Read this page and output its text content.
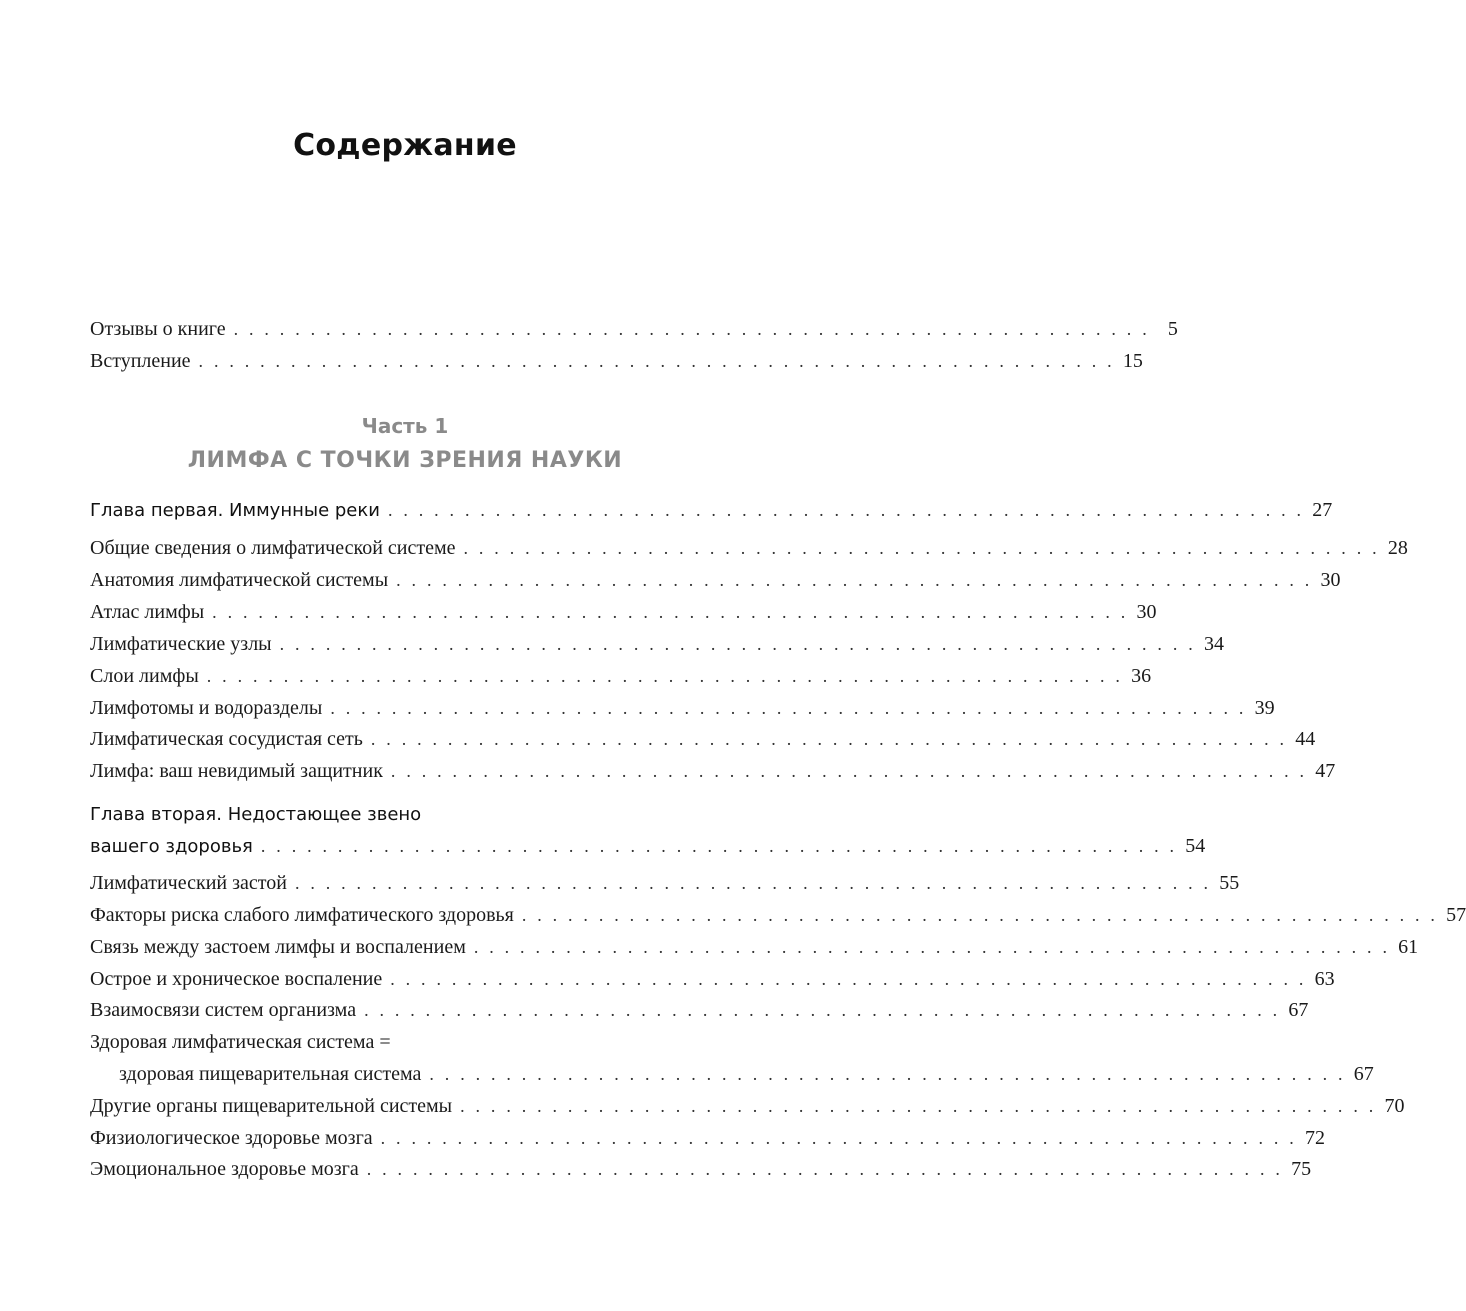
Содержание
Отзывы о книге . . . . . . . . . . . . . . . . . . . . . . . . . . . . . . . . . . . . . . . . . . . . . . . . . . . . . . . . . . . . 5
Вступление . . . . . . . . . . . . . . . . . . . . . . . . . . . . . . . . . . . . . . . . . . . . . . . . . . . . . . . . . . . . 15
Часть 1
ЛИМФА С ТОЧКИ ЗРЕНИЯ НАУКИ
Глава первая. Иммунные реки . . . . . . . . . . . . . . . . . . . . . . . . . . . . . . . . . . . . . . . . . . . . . . . . . . . . . . . . . . . . 27
Общие сведения о лимфатической системе . . . . . . . . . . . . . . . . . . . . . . . . . . . . . . . . . . . . . . . . . . . . . . . . . . . . . . . . . . . . 28
Анатомия лимфатической системы . . . . . . . . . . . . . . . . . . . . . . . . . . . . . . . . . . . . . . . . . . . . . . . . . . . . . . . . . . . . 30
Атлас лимфы . . . . . . . . . . . . . . . . . . . . . . . . . . . . . . . . . . . . . . . . . . . . . . . . . . . . . . . . . . . . 30
Лимфатические узлы . . . . . . . . . . . . . . . . . . . . . . . . . . . . . . . . . . . . . . . . . . . . . . . . . . . . . . . . . . . . 34
Слои лимфы . . . . . . . . . . . . . . . . . . . . . . . . . . . . . . . . . . . . . . . . . . . . . . . . . . . . . . . . . . . . 36
Лимфотомы и водоразделы . . . . . . . . . . . . . . . . . . . . . . . . . . . . . . . . . . . . . . . . . . . . . . . . . . . . . . . . . . . . 39
Лимфатическая сосудистая сеть . . . . . . . . . . . . . . . . . . . . . . . . . . . . . . . . . . . . . . . . . . . . . . . . . . . . . . . . . . . . 44
Лимфа: ваш невидимый защитник . . . . . . . . . . . . . . . . . . . . . . . . . . . . . . . . . . . . . . . . . . . . . . . . . . . . . . . . . . . . 47
Глава вторая. Недостающее звено
вашего здоровья . . . . . . . . . . . . . . . . . . . . . . . . . . . . . . . . . . . . . . . . . . . . . . . . . . . . . . . . . . . . 54
Лимфатический застой . . . . . . . . . . . . . . . . . . . . . . . . . . . . . . . . . . . . . . . . . . . . . . . . . . . . . . . . . . . . 55
Факторы риска слабого лимфатического здоровья . . . . . . . . . . . . . . . . . . . . . . . . . . . . . . . . . . . . . . . . . . . . . . . . . . . . . . . . . . . . 57
Связь между застоем лимфы и воспалением . . . . . . . . . . . . . . . . . . . . . . . . . . . . . . . . . . . . . . . . . . . . . . . . . . . . . . . . . . . . 61
Острое и хроническое воспаление . . . . . . . . . . . . . . . . . . . . . . . . . . . . . . . . . . . . . . . . . . . . . . . . . . . . . . . . . . . . 63
Взаимосвязи систем организма . . . . . . . . . . . . . . . . . . . . . . . . . . . . . . . . . . . . . . . . . . . . . . . . . . . . . . . . . . . . 67
Здоровая лимфатическая система =
здоровая пищеварительная система . . . . . . . . . . . . . . . . . . . . . . . . . . . . . . . . . . . . . . . . . . . . . . . . . . . . . . . . . . . . 67
Другие органы пищеварительной системы . . . . . . . . . . . . . . . . . . . . . . . . . . . . . . . . . . . . . . . . . . . . . . . . . . . . . . . . . . . . 70
Физиологическое здоровье мозга . . . . . . . . . . . . . . . . . . . . . . . . . . . . . . . . . . . . . . . . . . . . . . . . . . . . . . . . . . . . 72
Эмоциональное здоровье мозга . . . . . . . . . . . . . . . . . . . . . . . . . . . . . . . . . . . . . . . . . . . . . . . . . . . . . . . . . . . . 75
